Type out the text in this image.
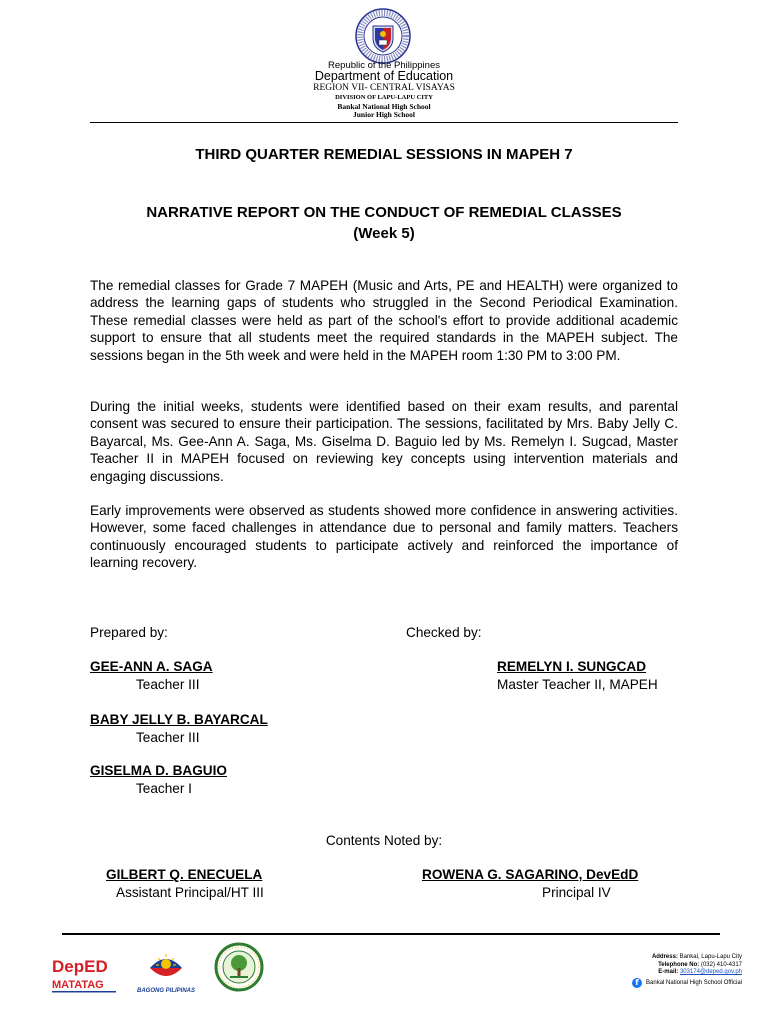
Republic of the Philippines
Department of Education
REGION VII- CENTRAL VISAYAS
DIVISION OF LAPU-LAPU CITY
Bankal National High School
Junior High School
THIRD QUARTER REMEDIAL SESSIONS IN MAPEH 7
NARRATIVE REPORT ON THE CONDUCT OF REMEDIAL CLASSES
(Week 5)
The remedial classes for Grade 7 MAPEH (Music and Arts, PE and HEALTH) were organized to address the learning gaps of students who struggled in the Second Periodical Examination. These remedial classes were held as part of the school's effort to provide additional academic support to ensure that all students meet the required standards in the MAPEH subject. The sessions began in the 5th week and were held in the MAPEH room 1:30 PM to 3:00 PM.
During the initial weeks, students were identified based on their exam results, and parental consent was secured to ensure their participation. The sessions, facilitated by Mrs. Baby Jelly C. Bayarcal, Ms. Gee-Ann A. Saga, Ms. Giselma D. Baguio led by Ms. Remelyn I. Sugcad, Master Teacher II in MAPEH focused on reviewing key concepts using intervention materials and engaging discussions.
Early improvements were observed as students showed more confidence in answering activities. However, some faced challenges in attendance due to personal and family matters. Teachers continuously encouraged students to participate actively and reinforced the importance of learning recovery.
Prepared by:	Checked by:
GEE-ANN A. SAGA
Teacher III
REMELYN I. SUNGCAD
Master Teacher II, MAPEH
BABY JELLY B. BAYARCAL
Teacher III
GISELMA D. BAGUIO
Teacher I
Contents Noted by:
GILBERT Q. ENECUELA
Assistant Principal/HT III
ROWENA G. SAGARINO, DevEdD
Principal IV
DepED
MATATAG	BAGONG PILIPINAS
Address: Bankal, Lapu-Lapu City
Telephone No: (032) 410-4317
E-mail: 303174@deped.gov.ph
f	Bankal National High School Official
